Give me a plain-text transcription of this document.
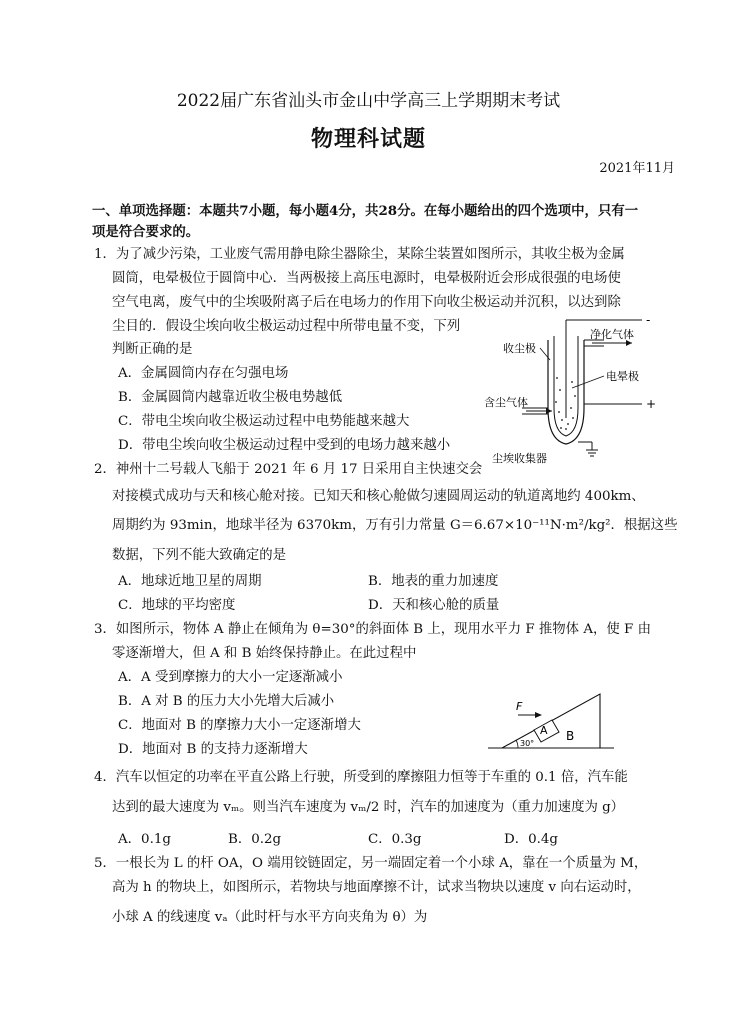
2022届广东省汕头市金山中学高三上学期期末考试
物理科试题
2021年11月
一、单项选择题：本题共7小题，每小题4分，共28分。在每小题给出的四个选项中，只有一
项是符合要求的。
1．为了减少污染，工业废气需用静电除尘器除尘，某除尘装置如图所示，其收尘极为金属
圆筒，电晕极位于圆筒中心．当两极接上高压电源时，电晕极附近会形成很强的电场使
空气电离，废气中的尘埃吸附离子后在电场力的作用下向收尘极运动并沉积，以达到除
尘目的．假设尘埃向收尘极运动过程中所带电量不变，下列
判断正确的是
A．金属圆筒内存在匀强电场
B．金属圆筒内越靠近收尘极电势越低
C．带电尘埃向收尘极运动过程中电势能越来越大
D．带电尘埃向收尘极运动过程中受到的电场力越来越小
收尘极
净化气体
电晕极
含尘气体
尘埃收集器
-
+
2．神州十二号载人飞船于 2021 年 6 月 17 日采用自主快速交会
对接模式成功与天和核心舱对接。已知天和核心舱做匀速圆周运动的轨道离地约 400km、
周期约为 93min，地球半径为 6370km，万有引力常量 G＝6.67×10⁻¹¹N·m²/kg²．根据这些
数据，下列不能大致确定的是
A．地球近地卫星的周期	B．地表的重力加速度
C．地球的平均密度	D．天和核心舱的质量
3．如图所示，物体 A 静止在倾角为 θ=30°的斜面体 B 上，现用水平力 F 推物体 A，使 F 由
零逐渐增大，但 A 和 B 始终保持静止。在此过程中
A．A 受到摩擦力的大小一定逐渐减小
B．A 对 B 的压力大小先增大后减小
C．地面对 B 的摩擦力大小一定逐渐增大
D．地面对 B 的支持力逐渐增大
F
A B
30°
4．汽车以恒定的功率在平直公路上行驶，所受到的摩擦阻力恒等于车重的 0.1 倍，汽车能
达到的最大速度为 vₘ。则当汽车速度为 vₘ/2 时，汽车的加速度为（重力加速度为 g）
A．0.1g	B．0.2g	C．0.3g	D．0.4g
5．一根长为 L 的杆 OA，O 端用铰链固定，另一端固定着一个小球 A，靠在一个质量为 M，
高为 h 的物块上，如图所示，若物块与地面摩擦不计，试求当物块以速度 v 向右运动时，
小球 A 的线速度 vₐ（此时杆与水平方向夹角为 θ）为
